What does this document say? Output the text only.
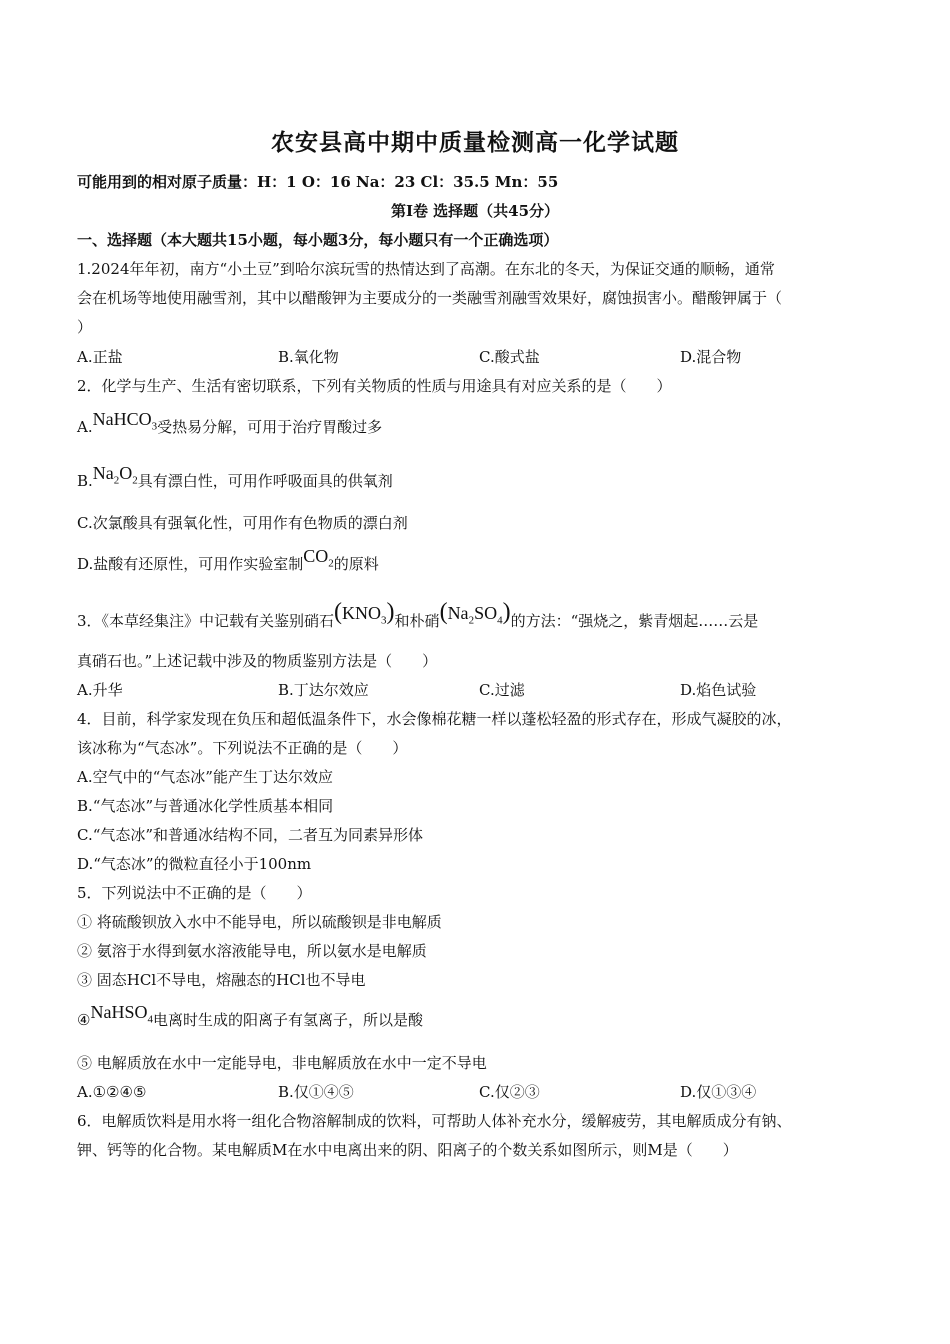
农安县高中期中质量检测高一化学试题
可能用到的相对原子质量：H：1 O：16 Na：23 Cl：35.5 Mn：55
第Ⅰ卷 选择题（共45分）
一、选择题（本大题共15小题，每小题3分，每小题只有一个正确选项）
1.2024年年初，南方“小土豆”到哈尔滨玩雪的热情达到了高潮。在东北的冬天，为保证交通的顺畅，通常
会在机场等地使用融雪剂，其中以醋酸钾为主要成分的一类融雪剂融雪效果好，腐蚀损害小。醋酸钾属于（
）
A.正盐	B.氧化物	C.酸式盐	D.混合物
2．化学与生产、生活有密切联系，下列有关物质的性质与用途具有对应关系的是（　　）
A.NaHCO$_3$受热易分解，可用于治疗胃酸过多
$B.Na_2O_2$具有漂白性，可用作呼吸面具的供氧剂
C.次氯酸具有强氧化性，可用作有色物质的漂白剂
D.盐酸有还原性，可用作实验室制$CO_2$的原料
3．《本草经集注》中记载有关鉴别硝石$(KNO_3)$和朴硝$(Na_2SO_4)$的方法：“强烧之，紫青烟起……云是
真硝石也。”上述记载中涉及的物质鉴别方法是（　　）
A.升华	B.丁达尔效应	C.过滤	D.焰色试验
4．目前，科学家发现在负压和超低温条件下，水会像棉花糖一样以蓬松轻盈的形式存在，形成气凝胶的冰，
该冰称为“气态冰”。下列说法不正确的是（　　）
A.空气中的“气态冰”能产生丁达尔效应
B.“气态冰”与普通冰化学性质基本相同
C.“气态冰”和普通冰结构不同，二者互为同素异形体
D.“气态冰”的微粒直径小于100nm
5．下列说法中不正确的是（　　）
① 将硫酸钡放入水中不能导电，所以硫酸钡是非电解质
② 氨溶于水得到氨水溶液能导电，所以氨水是电解质
③ 固态HCl不导电，熔融态的HCl也不导电
④NaHSO$_4$电离时生成的阳离子有氢离子，所以是酸
⑤ 电解质放在水中一定能导电，非电解质放在水中一定不导电
A.①②④⑤	B.仅①④⑤	C.仅②③	D.仅①③④
6．电解质饮料是用水将一组化合物溶解制成的饮料，可帮助人体补充水分，缓解疲劳，其电解质成分有钠、
钾、钙等的化合物。某电解质M在水中电离出来的阴、阳离子的个数关系如图所示，则M是（　　）
